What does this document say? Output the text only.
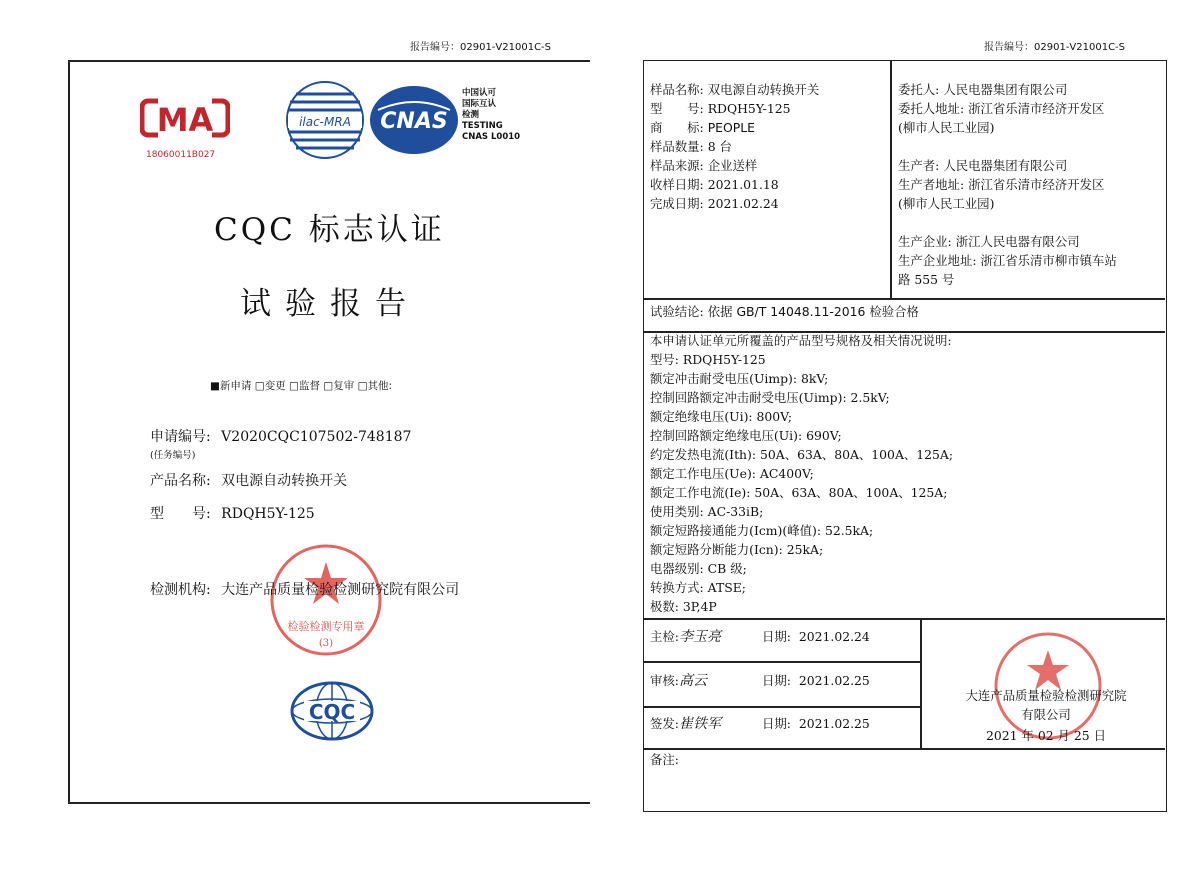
报告编号：02901-V21001C-S
MA
18060011B027
ilac-MRA CNAS
中国认可
国际互认
检测
TESTING
CNAS L0010
CQC 标志认证
试验报告
■新申请 □变更 □监督 □复审 □其他:
申请编号: V2020CQC107502-748187
(任务编号)
产品名称: 双电源自动转换开关
型　　号: RDQH5Y-125
检验检测专用章
(3)
检测机构: 大连产品质量检验检测研究院有限公司
CQC
报告编号：02901-V21001C-S
样品名称: 双电源自动转换开关
型　　号: RDQH5Y-125
商　　标: PEOPLE
样品数量: 8 台
样品来源: 企业送样
收样日期: 2021.01.18
完成日期: 2021.02.24
委托人: 人民电器集团有限公司
委托人地址: 浙江省乐清市经济开发区
(柳市人民工业园)
生产者: 人民电器集团有限公司
生产者地址: 浙江省乐清市经济开发区
(柳市人民工业园)
生产企业: 浙江人民电器有限公司
生产企业地址: 浙江省乐清市柳市镇车站
路 555 号
试验结论: 依据 GB/T 14048.11-2016 检验合格
本申请认证单元所覆盖的产品型号规格及相关情况说明:
型号: RDQH5Y-125
额定冲击耐受电压(Uimp): 8kV;
控制回路额定冲击耐受电压(Uimp): 2.5kV;
额定绝缘电压(Ui): 800V;
控制回路额定绝缘电压(Ui): 690V;
约定发热电流(Ith): 50A、63A、80A、100A、125A;
额定工作电压(Ue): AC400V;
额定工作电流(Ie): 50A、63A、80A、100A、125A;
使用类别: AC-33iB;
额定短路接通能力(Icm)(峰值): 52.5kA;
额定短路分断能力(Icn): 25kA;
电器级别: CB 级;
转换方式: ATSE;
极数: 3P,4P
主检:李玉亮	日期: 2021.02.24
审核:高云	日期: 2021.02.25
签发:崔铁军	日期: 2021.02.25
大连产品质量检验检测研究院
有限公司
2021 年 02 月 25 日
备注:
